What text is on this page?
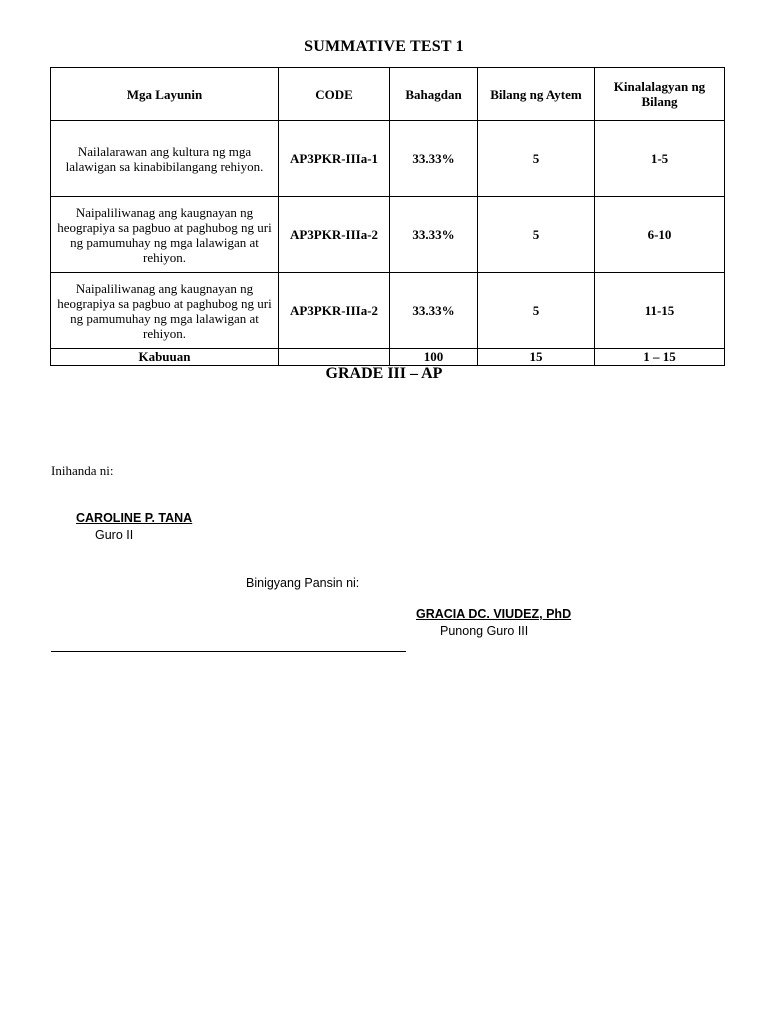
SUMMATIVE TEST 1
Mga Layunin	CODE	Bahagdan	Bilang ng Aytem	Kinalalagyan ng Bilang
Nailalarawan ang kultura ng mga lalawigan sa kinabibilangang rehiyon.	AP3PKR-IIIa-1	33.33%	5	1-5
Naipaliliwanag ang kaugnayan ng heograpiya sa pagbuo at paghubog ng uri ng pamumuhay ng mga lalawigan at rehiyon.	AP3PKR-IIIa-2	33.33%	5	6-10
Naipaliliwanag ang kaugnayan ng heograpiya sa pagbuo at paghubog ng uri ng pamumuhay ng mga lalawigan at rehiyon.	AP3PKR-IIIa-2	33.33%	5	11-15
Kabuuan		100	15	1 – 15
GRADE III – AP
Inihanda ni:
CAROLINE P. TANA
Guro II
Binigyang Pansin ni:
GRACIA DC. VIUDEZ, PhD
Punong Guro III
